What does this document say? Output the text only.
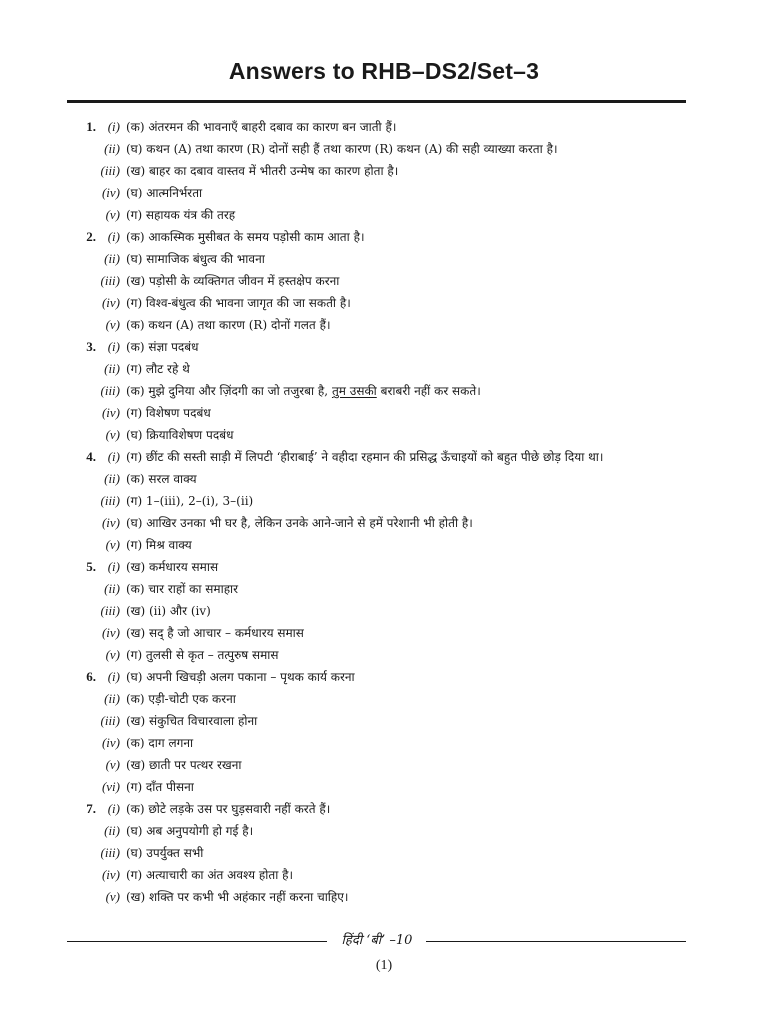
Answers to RHB–DS2/Set–3
1. (i) (क) अंतरमन की भावनाएँ बाहरी दबाव का कारण बन जाती हैं।
(ii) (घ) कथन (A) तथा कारण (R) दोनों सही हैं तथा कारण (R) कथन (A) की सही व्याख्या करता है।
(iii) (ख) बाहर का दबाव वास्तव में भीतरी उन्मेष का कारण होता है।
(iv) (घ) आत्मनिर्भरता
(v) (ग) सहायक यंत्र की तरह
2. (i) (क) आकस्मिक मुसीबत के समय पड़ोसी काम आता है।
(ii) (घ) सामाजिक बंधुत्व की भावना
(iii) (ख) पड़ोसी के व्यक्तिगत जीवन में हस्तक्षेप करना
(iv) (ग) विश्व-बंधुत्व की भावना जागृत की जा सकती है।
(v) (क) कथन (A) तथा कारण (R) दोनों गलत हैं।
3. (i) (क) संज्ञा पदबंध
(ii) (ग) लौट रहे थे
(iii) (क) मुझे दुनिया और ज़िंदगी का जो तजुरबा है, तुम उसकी बराबरी नहीं कर सकते।
(iv) (ग) विशेषण पदबंध
(v) (घ) क्रियाविशेषण पदबंध
4. (i) (ग) छींट की सस्ती साड़ी में लिपटी ‘हीराबाई’ ने वहीदा रहमान की प्रसिद्ध ऊँचाइयों को बहुत पीछे छोड़ दिया था।
(ii) (क) सरल वाक्य
(iii) (ग) 1–(iii), 2–(i), 3–(ii)
(iv) (घ) आखिर उनका भी घर है, लेकिन उनके आने-जाने से हमें परेशानी भी होती है।
(v) (ग) मिश्र वाक्य
5. (i) (ख) कर्मधारय समास
(ii) (क) चार राहों का समाहार
(iii) (ख) (ii) और (iv)
(iv) (ख) सद् है जो आचार – कर्मधारय समास
(v) (ग) तुलसी से कृत – तत्पुरुष समास
6. (i) (घ) अपनी खिचड़ी अलग पकाना – पृथक कार्य करना
(ii) (क) एड़ी-चोटी एक करना
(iii) (ख) संकुचित विचारवाला होना
(iv) (क) दाग लगना
(v) (ख) छाती पर पत्थर रखना
(vi) (ग) दाँत पीसना
7. (i) (क) छोटे लड़के उस पर घुड़सवारी नहीं करते हैं।
(ii) (घ) अब अनुपयोगी हो गई है।
(iii) (घ) उपर्युक्त सभी
(iv) (ग) अत्याचारी का अंत अवश्य होता है।
(v) (ख) शक्ति पर कभी भी अहंकार नहीं करना चाहिए।
हिंदी ‘बी’ –10
(1)
